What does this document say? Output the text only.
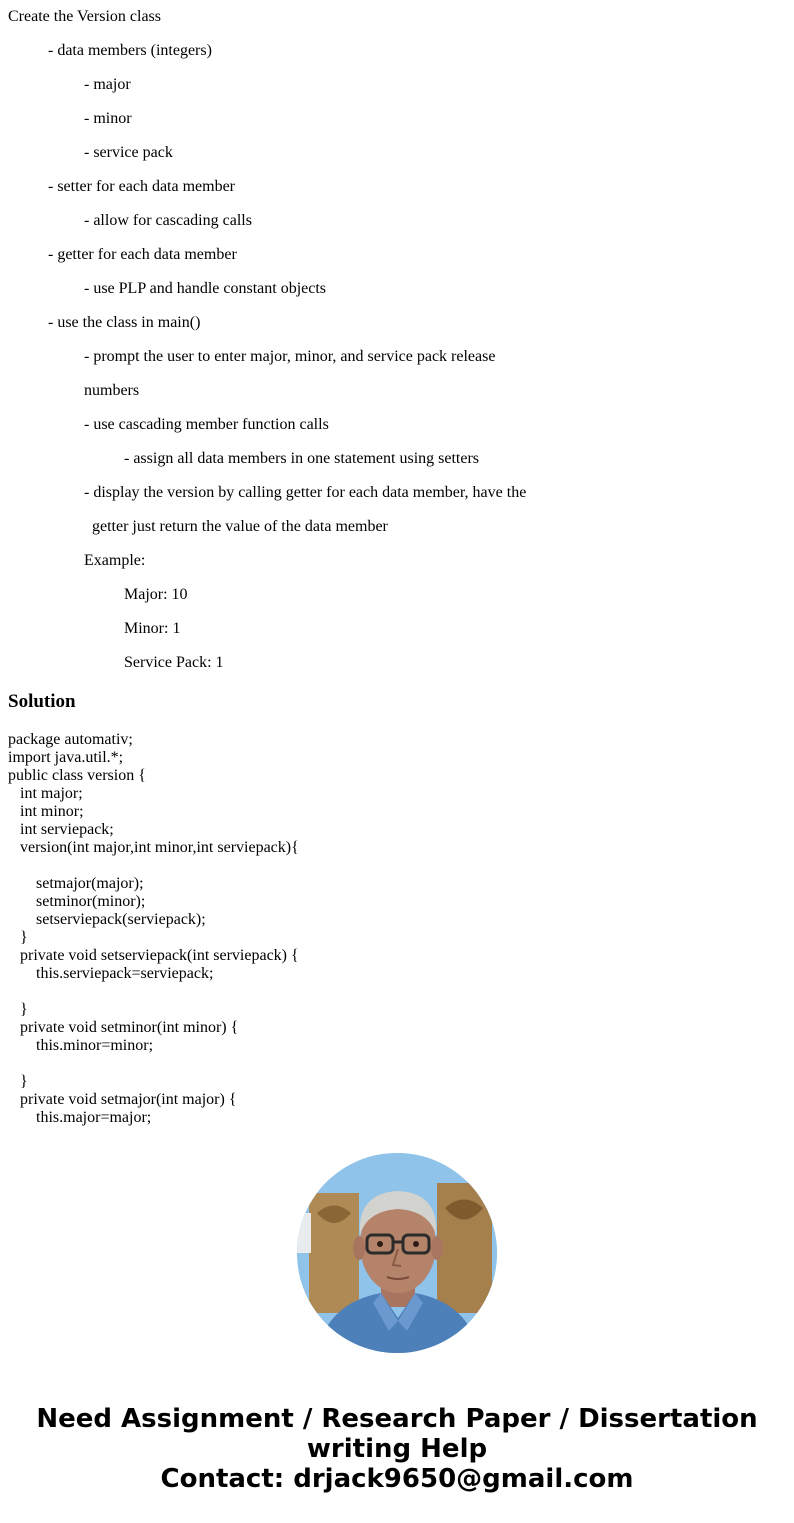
Create the Version class
- data members (integers)
- major
- minor
- service pack
- setter for each data member
- allow for cascading calls
- getter for each data member
- use PLP and handle constant objects
- use the class in main()
- prompt the user to enter major, minor, and service pack release
numbers
- use cascading member function calls
- assign all data members in one statement using setters
- display the version by calling getter for each data member, have the
getter just return the value of the data member
Example:
Major: 10
Minor: 1
Service Pack: 1
Solution
package automativ;
import java.util.*;
public class version {
int major;
int minor;
int serviepack;
version(int major,int minor,int serviepack){
setmajor(major);
setminor(minor);
setserviepack(serviepack);
}
private void setserviepack(int serviepack) {
this.serviepack=serviepack;
}
private void setminor(int minor) {
this.minor=minor;
}
private void setmajor(int major) {
this.major=major;
Need Assignment / Research Paper / Dissertation
writing Help
Contact: drjack9650@gmail.com
